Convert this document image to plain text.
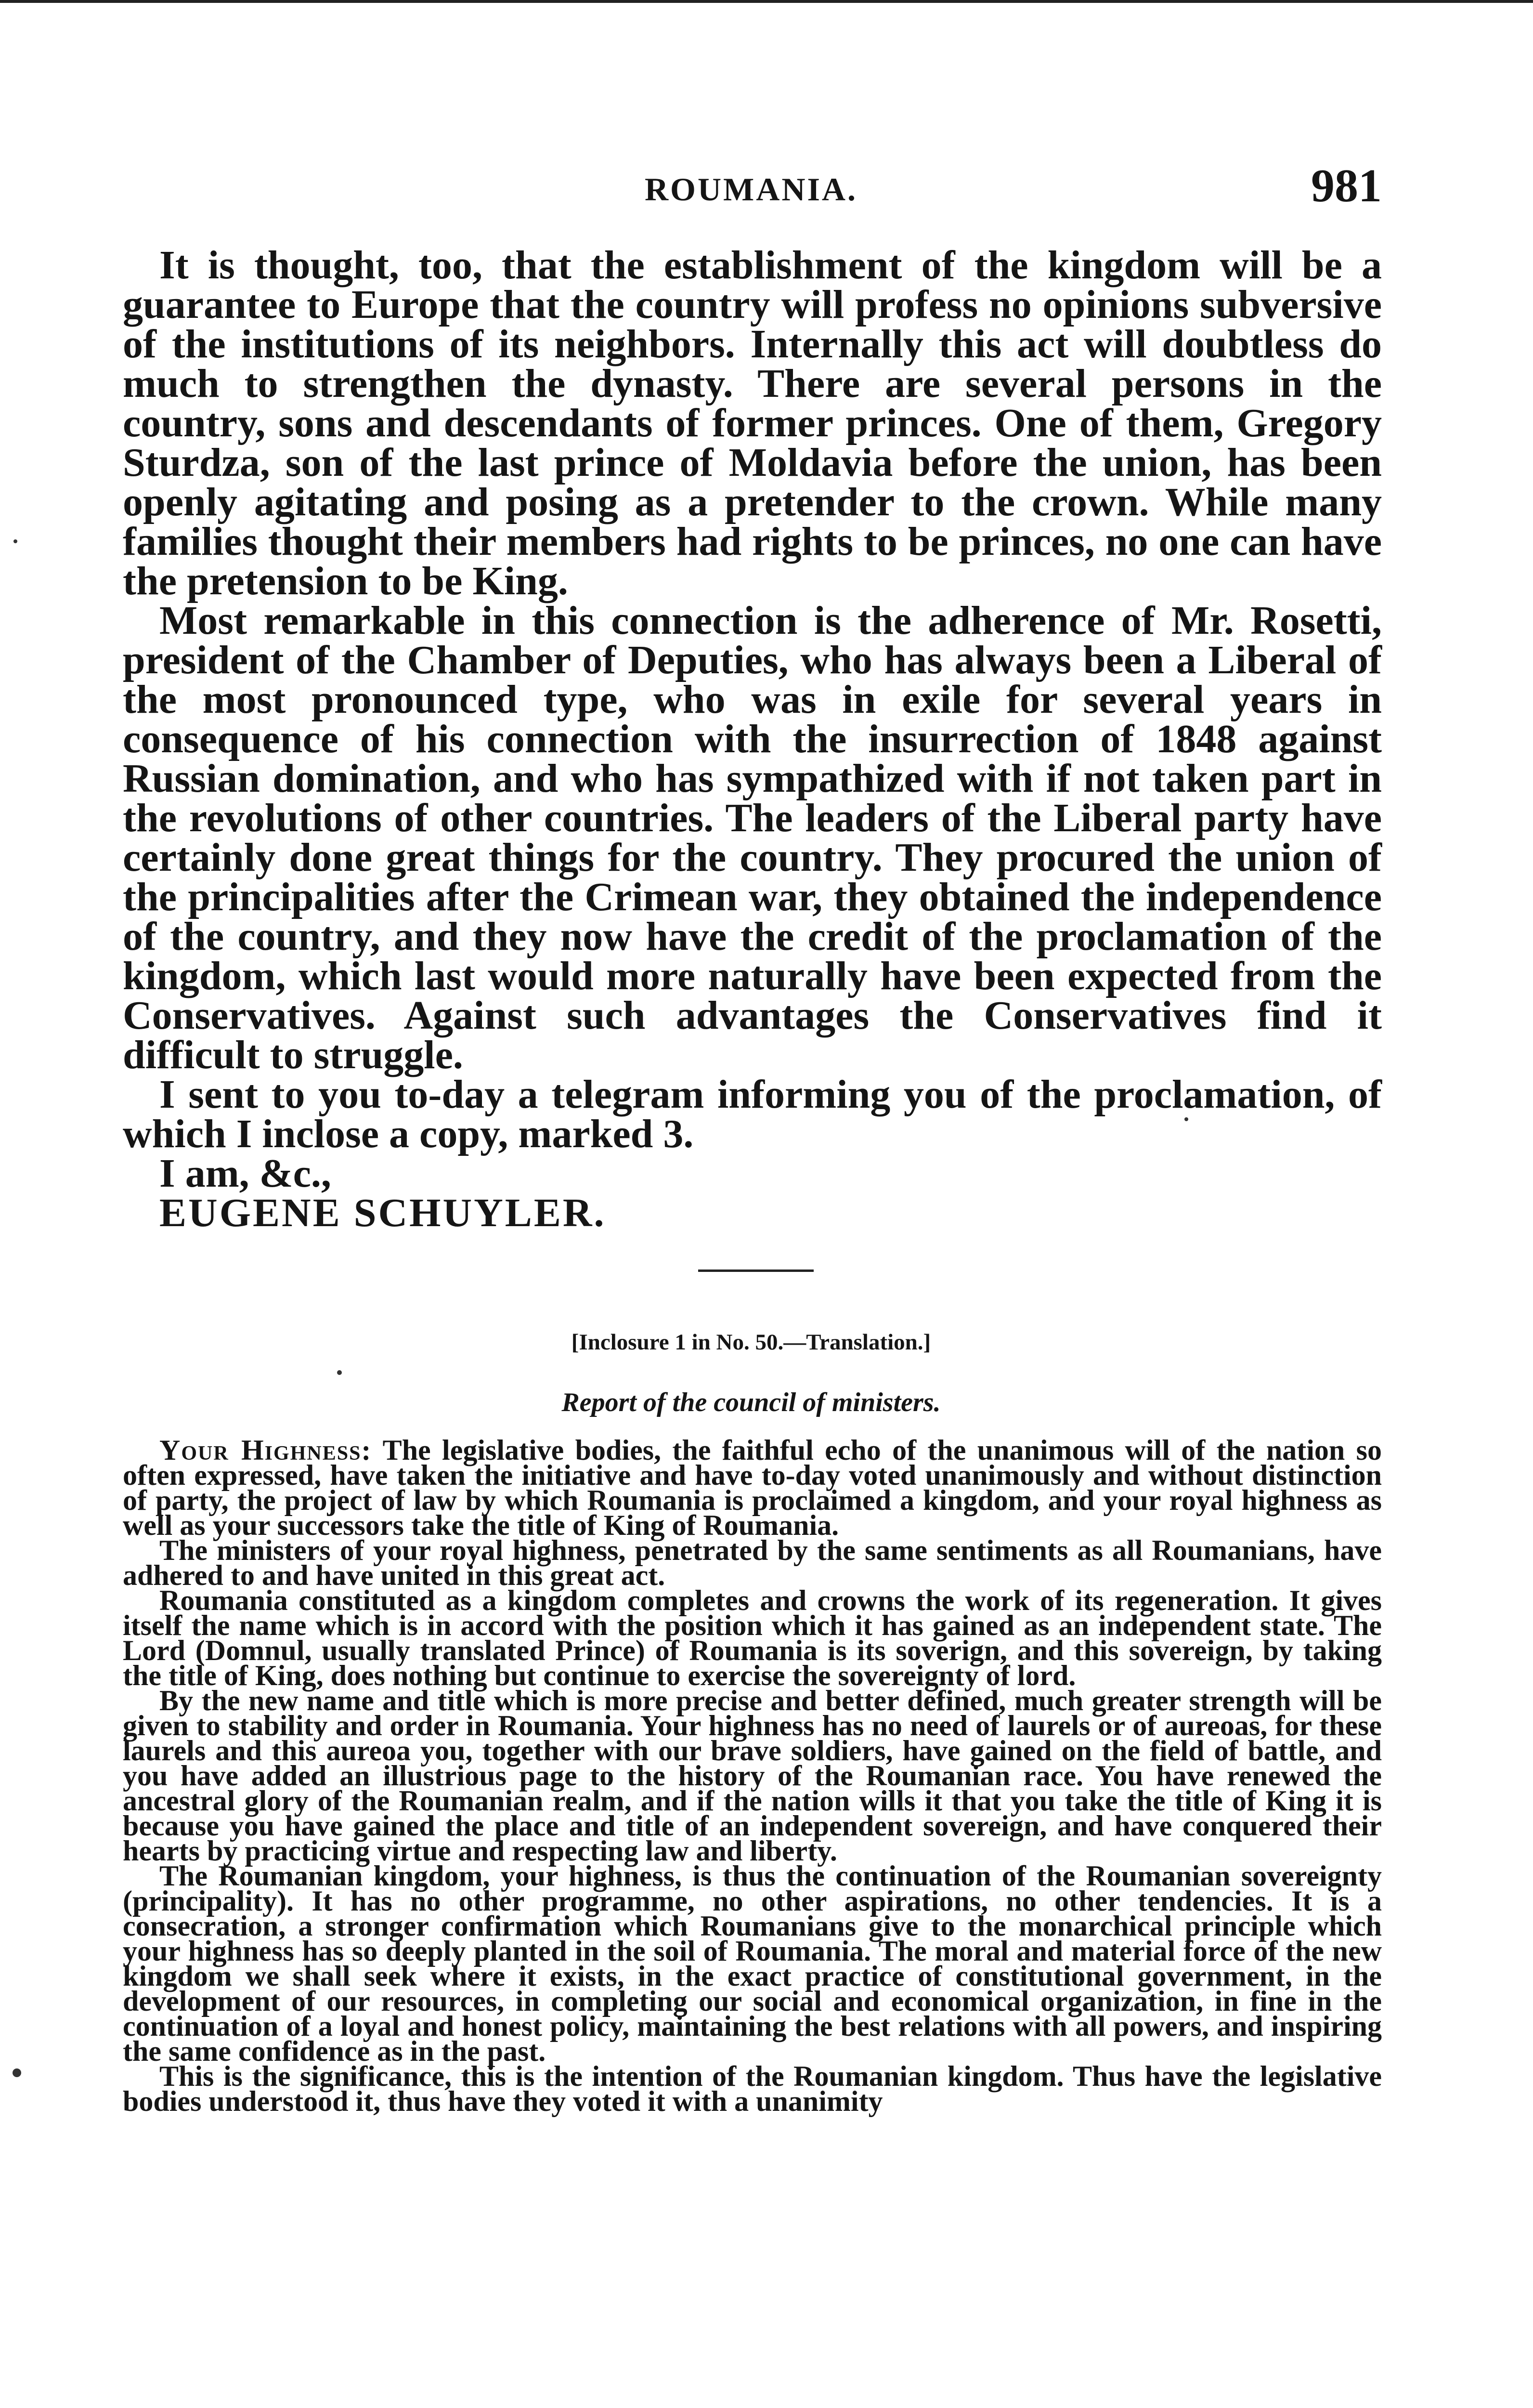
ROUMANIA.	981

It is thought, too, that the establishment of the kingdom will be a guarantee to Europe that the country will profess no opinions subversive of the institutions of its neighbors. Internally this act will doubtless do much to strengthen the dynasty. There are several persons in the country, sons and descendants of former princes. One of them, Gregory Sturdza, son of the last prince of Moldavia before the union, has been openly agitating and posing as a pretender to the crown. While many families thought their members had rights to be princes, no one can have the pretension to be King.

Most remarkable in this connection is the adherence of Mr. Rosetti, president of the Chamber of Deputies, who has always been a Liberal of the most pronounced type, who was in exile for several years in consequence of his connection with the insurrection of 1848 against Russian domination, and who has sympathized with if not taken part in the revolutions of other countries. The leaders of the Liberal party have certainly done great things for the country. They procured the union of the principalities after the Crimean war, they obtained the independence of the country, and they now have the credit of the proclamation of the kingdom, which last would more naturally have been expected from the Conservatives. Against such advantages the Conservatives find it difficult to struggle.

I sent to you to-day a telegram informing you of the proclamation, of which I inclose a copy, marked 3.

I am, &c.,

EUGENE SCHUYLER.

[Inclosure 1 in No. 50.—Translation.]
Report of the council of ministers.

Your Highness: The legislative bodies, the faithful echo of the unanimous will of the nation so often expressed, have taken the initiative and have to-day voted unanimously and without distinction of party, the project of law by which Roumania is proclaimed a kingdom, and your royal highness as well as your successors take the title of King of Roumania.

The ministers of your royal highness, penetrated by the same sentiments as all Roumanians, have adhered to and have united in this great act.

Roumania constituted as a kingdom completes and crowns the work of its regeneration. It gives itself the name which is in accord with the position which it has gained as an independent state. The Lord (Domnul, usually translated Prince) of Roumania is its soverign, and this sovereign, by taking the title of King, does nothing but continue to exercise the sovereignty of lord.

By the new name and title which is more precise and better defined, much greater strength will be given to stability and order in Roumania. Your highness has no need of laurels or of aureoas, for these laurels and this aureoa you, together with our brave soldiers, have gained on the field of battle, and you have added an illustrious page to the history of the Roumanian race. You have renewed the ancestral glory of the Roumanian realm, and if the nation wills it that you take the title of King it is because you have gained the place and title of an independent sovereign, and have conquered their hearts by practicing virtue and respecting law and liberty.

The Roumanian kingdom, your highness, is thus the continuation of the Roumanian sovereignty (principality). It has no other programme, no other aspirations, no other tendencies. It is a consecration, a stronger confirmation which Roumanians give to the monarchical principle which your highness has so deeply planted in the soil of Roumania. The moral and material force of the new kingdom we shall seek where it exists, in the exact practice of constitutional government, in the development of our resources, in completing our social and economical organization, in fine in the continuation of a loyal and honest policy, maintaining the best relations with all powers, and inspiring the same confidence as in the past.

This is the significance, this is the intention of the Roumanian kingdom. Thus have the legislative bodies understood it, thus have they voted it with a unanimity
